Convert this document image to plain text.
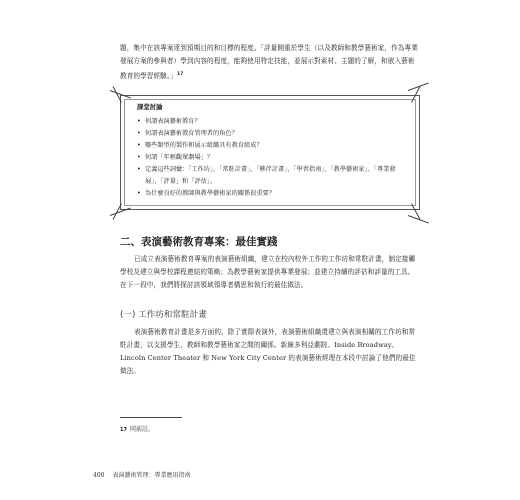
題，集中在該專案達到預期目的和目標的程度。「評量側重於學生（以及教師和教學藝術家，作為專業發展方案的參與者）學到內容的程度，能夠使用特定技能，並展示對素材、主題的了解，和嵌入藝術教育的學習經驗。」$^{17}$

課堂討論
• 何謂表演藝術教育？
• 何謂表演藝術教育管理者的角色？
• 哪些類型的製作和展示組織具有教育組成？
• 何謂「年輕觀眾劇場」？
• 定義這些詞彙：「工作坊」、「常駐計畫」、「夥伴計畫」、「學習指南」、「教學藝術家」、「專業發展」、「評量」和「評估」。
• 為什麼良好的教師與教學藝術家的關係很重要？
二、表演藝術教育專案：最佳實踐

已成立表演藝術教育專案的表演藝術組織，建立在校內校外工作的工作坊和常駐計畫，制定接觸學校及建立與學校課程連結的策略；為教學藝術家提供專業發展；並建立持續的評估和評量的工具。在下一段中，我們將探討該領域領導者構思和執行的最佳做法。

(一) 工作坊和常駐計畫

表演藝術教育計畫是多方面的。除了實際表演外，表演藝術組織還建立與表演相關的工作坊和常駐計畫，以支援學生、教師和教學藝術家之間的關係。新線多利亞劇院、Inside Broadway、Lincoln Center Theater 和 New York City Center 的表演藝術經理在本段中討論了他們的最佳做法。

17 同前註。
400 表演藝術管理：專業應用指南
